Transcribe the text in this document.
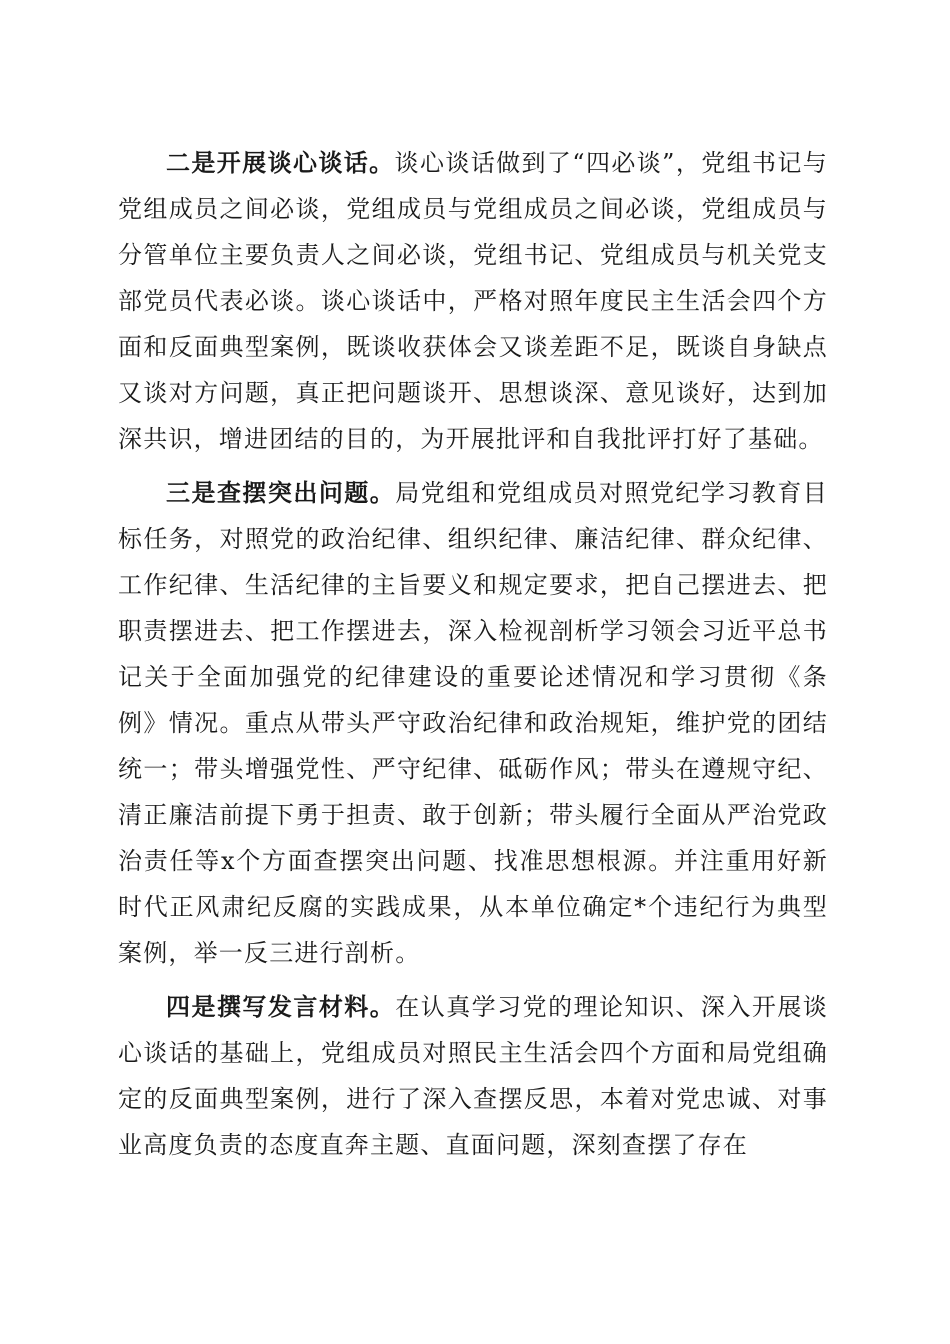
二是开展谈心谈话。谈心谈话做到了“四必谈”，党组书记与党组成员之间必谈，党组成员与党组成员之间必谈，党组成员与分管单位主要负责人之间必谈，党组书记、党组成员与机关党支部党员代表必谈。谈心谈话中，严格对照年度民主生活会四个方面和反面典型案例，既谈收获体会又谈差距不足，既谈自身缺点又谈对方问题，真正把问题谈开、思想谈深、意见谈好，达到加深共识，增进团结的目的，为开展批评和自我批评打好了基础。

三是查摆突出问题。局党组和党组成员对照党纪学习教育目标任务，对照党的政治纪律、组织纪律、廉洁纪律、群众纪律、工作纪律、生活纪律的主旨要义和规定要求，把自己摆进去、把职责摆进去、把工作摆进去，深入检视剖析学习领会习近平总书记关于全面加强党的纪律建设的重要论述情况和学习贯彻《条例》情况。重点从带头严守政治纪律和政治规矩，维护党的团结统一；带头增强党性、严守纪律、砥砺作风；带头在遵规守纪、清正廉洁前提下勇于担责、敢于创新；带头履行全面从严治党政治责任等x个方面查摆突出问题、找准思想根源。并注重用好新时代正风肃纪反腐的实践成果，从本单位确定*个违纪行为典型案例，举一反三进行剖析。

四是撰写发言材料。在认真学习党的理论知识、深入开展谈心谈话的基础上，党组成员对照民主生活会四个方面和局党组确定的反面典型案例，进行了深入查摆反思，本着对党忠诚、对事业高度负责的态度直奔主题、直面问题，深刻查摆了存在
